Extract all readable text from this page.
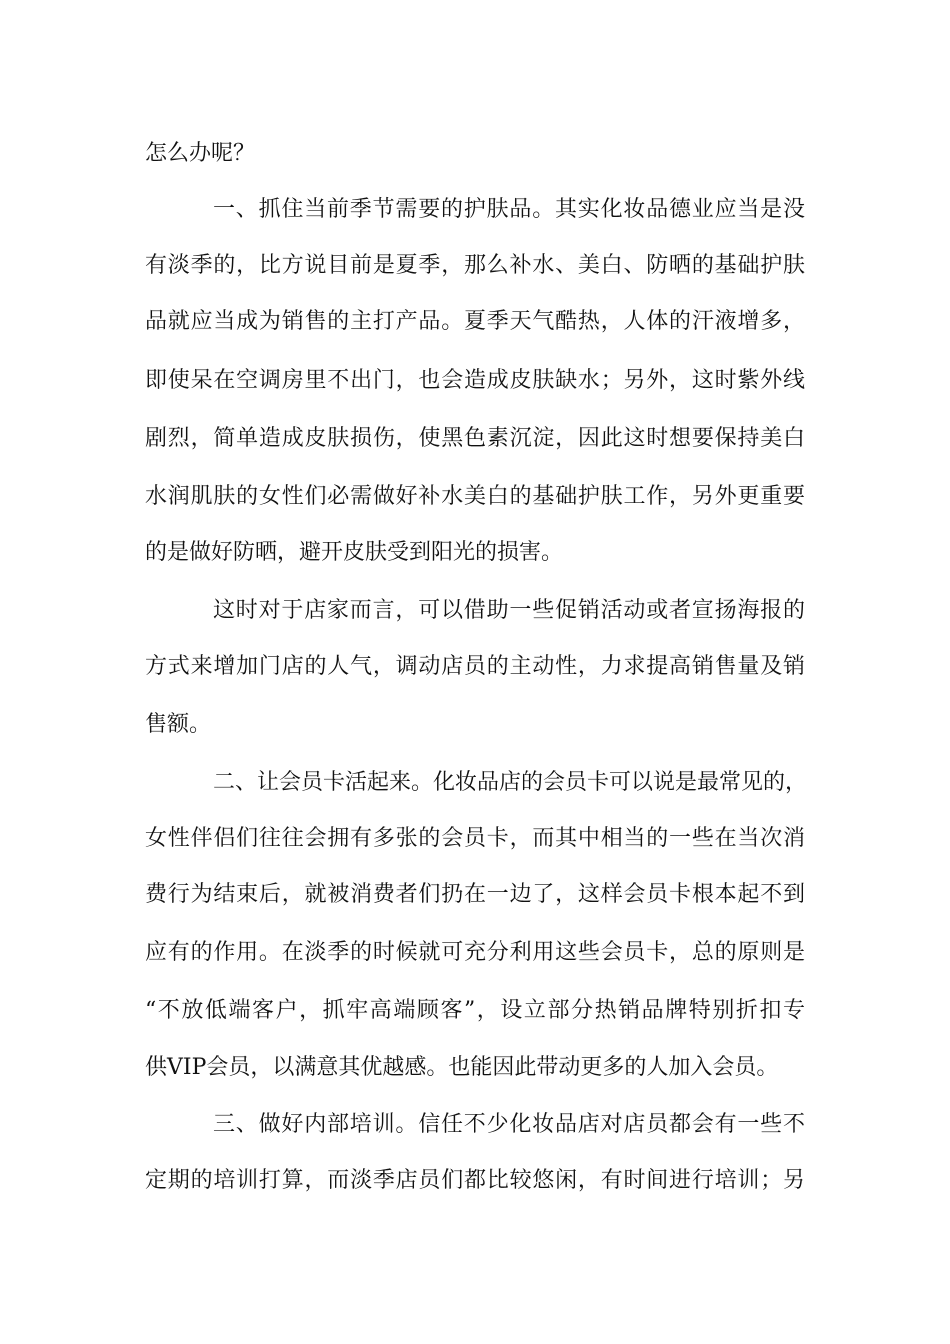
怎么办呢？
一、抓住当前季节需要的护肤品。其实化妆品德业应当是没
有淡季的，比方说目前是夏季，那么补水、美白、防晒的基础护肤
品就应当成为销售的主打产品。夏季天气酷热，人体的汗液增多，
即使呆在空调房里不出门，也会造成皮肤缺水；另外，这时紫外线
剧烈，简单造成皮肤损伤，使黑色素沉淀，因此这时想要保持美白
水润肌肤的女性们必需做好补水美白的基础护肤工作，另外更重要
的是做好防晒，避开皮肤受到阳光的损害。
这时对于店家而言，可以借助一些促销活动或者宣扬海报的
方式来增加门店的人气，调动店员的主动性，力求提高销售量及销
售额。
二、让会员卡活起来。化妆品店的会员卡可以说是最常见的，
女性伴侣们往往会拥有多张的会员卡，而其中相当的一些在当次消
费行为结束后，就被消费者们扔在一边了，这样会员卡根本起不到
应有的作用。在淡季的时候就可充分利用这些会员卡，总的原则是
“不放低端客户，抓牢高端顾客”，设立部分热销品牌特别折扣专
供VIP会员，以满意其优越感。也能因此带动更多的人加入会员。
三、做好内部培训。信任不少化妆品店对店员都会有一些不
定期的培训打算，而淡季店员们都比较悠闲，有时间进行培训；另
